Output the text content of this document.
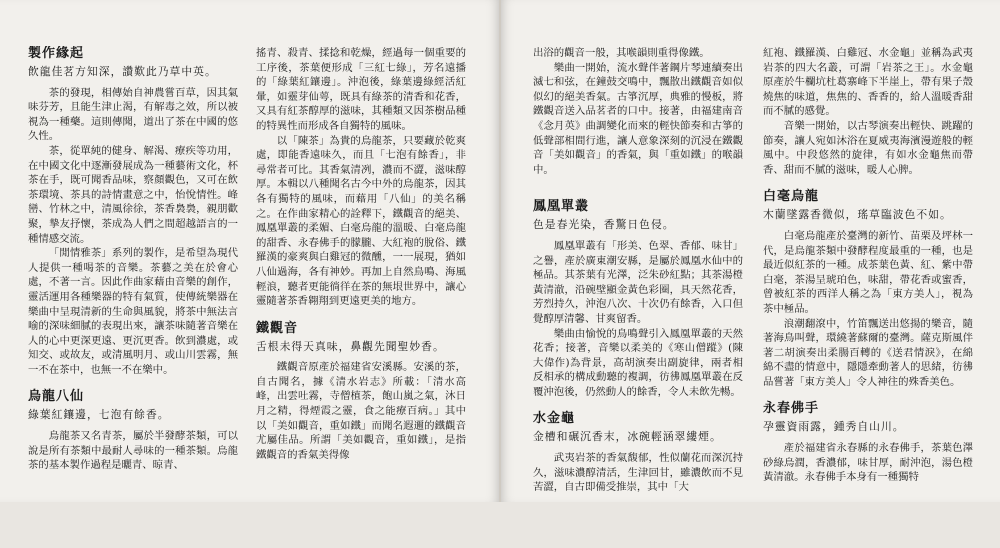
製作緣起
飲龍佳茗方知深，讚歎此乃草中英。

茶的發現，相傳始自神農嘗百草，因其氣味芬芳，且能生津止渴，有解毒之效，所以被視為一種藥。這則傳聞，道出了茶在中國的悠久性。

茶，從單純的健身、解渴、療疾等功用，在中國文化中逐漸發展成為一種藝術文化，杯茶在手，既可聞香品味，察顏觀色，又可在飲茶環境、茶具的詩情畫意之中，怡悅情性。峰巒、竹林之中，清風徐徐，茶香裊裊，親朋歡聚，摯友抒懷，茶成為人們之間超越語言的一種情感交流。

「閒情雅茶」系列的製作，是希望為現代人提供一種喝茶的音樂。茶藝之美在於會心處，不著一言。因此作曲家藉由音樂的創作，靈活運用各種樂器的特有氣質，使傳統樂器在樂曲中呈現清新的生命與風貌，將茶中無法言喻的深味細膩的表現出來，讓茶味隨著音樂在人的心中更深更遠、更沉更香。飲到濃處，或知交、或故友，或清風明月、或山川雲霧，無一不在茶中，也無一不在樂中。

烏龍八仙
綠葉紅鑲邊，七泡有餘香。

烏龍茶又名青茶，屬於半發酵茶類，可以說是所有茶類中最耐人尋味的一種茶類。烏龍茶的基本製作過程是曬青、晾青、

搖青、殺青、揉捻和乾燥，經過每一個重要的工序後，茶葉便形成「三紅七綠」，芳名遠播的「綠葉紅鑲邊」。沖泡後，綠葉邊綠經活紅暈，如靈芽仙萼，既具有綠茶的清香和花香，又具有紅茶醇厚的滋味，其種類又因茶樹品種的特異性而形成各自獨特的風味。

以「陳茶」為貴的烏龍茶，只要藏於乾爽處，即能香遠味久，而且「七泡有餘香」，非尋常者可比。其香氣清冽，濃而不澀，滋味醇厚。本輯以八種聞名古今中外的烏龍茶，因其各有獨特的風味，而藉用「八仙」的美名稱之。在作曲家精心的詮釋下，鐵觀音的絕美、鳳凰單叢的柔媚、白毫烏龍的溫暖、白毫烏龍的甜香、永春佛手的朦朧、大紅袍的脫俗、鐵羅漢的豪爽與白雞冠的微醺，一一展現，猶如八仙過海，各有神妙。再加上自然鳥鳴、海風輕浪，聽者更能徜徉在茶的無垠世界中，讓心靈隨著茶香翱翔到更遠更美的地方。

鐵觀音
舌根未得天真味，鼻觀先聞聖妙香。

鐵觀音原產於福建省安溪縣。安溪的茶，自古聞名，據《清水岩志》所載：「清水高峰，出雲吐霧，寺僧植茶，飽山嵐之氣，沐日月之精，得煙霞之靈，食之能療百病。」其中以「美如觀音，重如鐵」而聞名遐邇的鐵觀音尤屬佳品。所謂「美如觀音，重如鐵」，是指鐵觀音的香氣美得像

出浴的觀音一般，其喉韻則重得像鐵。

樂曲一開始，流水聲伴著鋼片琴連續奏出滅七和弦，在鐘鼓交鳴中，飄散出鐵觀音如似似幻的絕美香氣。古箏沉厚，典雅的慢板，將鐵觀音送入品茗者的口中。接著，由福建南音《念月英》曲調變化而來的輕快節奏和古箏的低聲部相間行進，讓人意象深刻的沉浸在鐵觀音「美如觀音」的香氣，與「重如鐵」的喉韻中。

鳳凰單叢
色是春光染，香驚日色侵。

鳳凰單叢有「形美、色翠、香郁、味甘」之譽，產於廣東潮安縣，是屬於鳳凰水仙中的極品。其茶葉有光澤，泛朱砂紅點；其茶湯橙黃清澈，沿碗壁顯金黃色彩圈，具天然花香，芳烈持久，沖泡八次、十次仍有餘香，入口但覺醇厚清馨、甘爽留香。

樂曲由愉悅的鳥鳴聲引入鳳凰單叢的天然花香；接著，音樂以柔美的《寒山僧蹤》(陳大偉作)為背景，高胡演奏出副旋律，兩者相反相承的構成動聽的複調，彷彿鳳凰單叢在反覆沖泡後，仍然動人的餘香，令人未飲先暢。

水金龜
金槽和碾沉香末，冰碗輕涵翠縷煙。

武夷岩茶的香氣馥郁，性似蘭花而深沉持久，滋味濃醇清活，生津回甘，雖濃飲而不見苦澀，自古即備受推崇，其中「大

紅袍、鐵羅漢、白雞冠、水金龜」並稱為武夷岩茶的四大名叢，可謂「岩茶之王」。水金龜原產於牛欄坑杜葛寨峰下半崖上，帶有果子殼燒焦的味道，焦焦的、香香的，給人溫暖香甜而不膩的感覺。

音樂一開始，以古琴演奏出輕快、跳躍的節奏，讓人宛如沐浴在夏威夷海濱漫遊般的輕風中。中段悠然的旋律，有如水金龜焦而帶香、甜而不膩的滋味，暖人心脾。

白毫烏龍
木蘭墜露香微似，瑤草臨波色不如。

白毫烏龍產於臺灣的新竹、苗栗及坪林一代，是烏龍茶類中發酵程度最重的一種，也是最近似紅茶的一種。成茶葉色黃、紅、紫中帶白毫，茶湯呈琥珀色，味甜，帶花香或蜜香，曾被紅茶的西洋人稱之為「東方美人」，視為茶中極品。

浪潮翻滾中，竹笛飄送出悠揚的樂音，隨著海鳥叫聲，環繞著蘇爾的臺灣。薩克斯風伴著二胡演奏出柔腸百轉的《送君情淚》，在綿綿不盡的情意中，隱隱牽動著人的思緒，彷彿品嘗著「東方美人」令人神往的殊香美色。

永春佛手
孕靈資雨露，鍾秀自山川。

產於福建省永春縣的永春佛手，茶葉色澤砂綠烏潤，香濃郁，味甘厚，耐沖泡，湯色橙黃清澈。永春佛手本身有一種獨特
